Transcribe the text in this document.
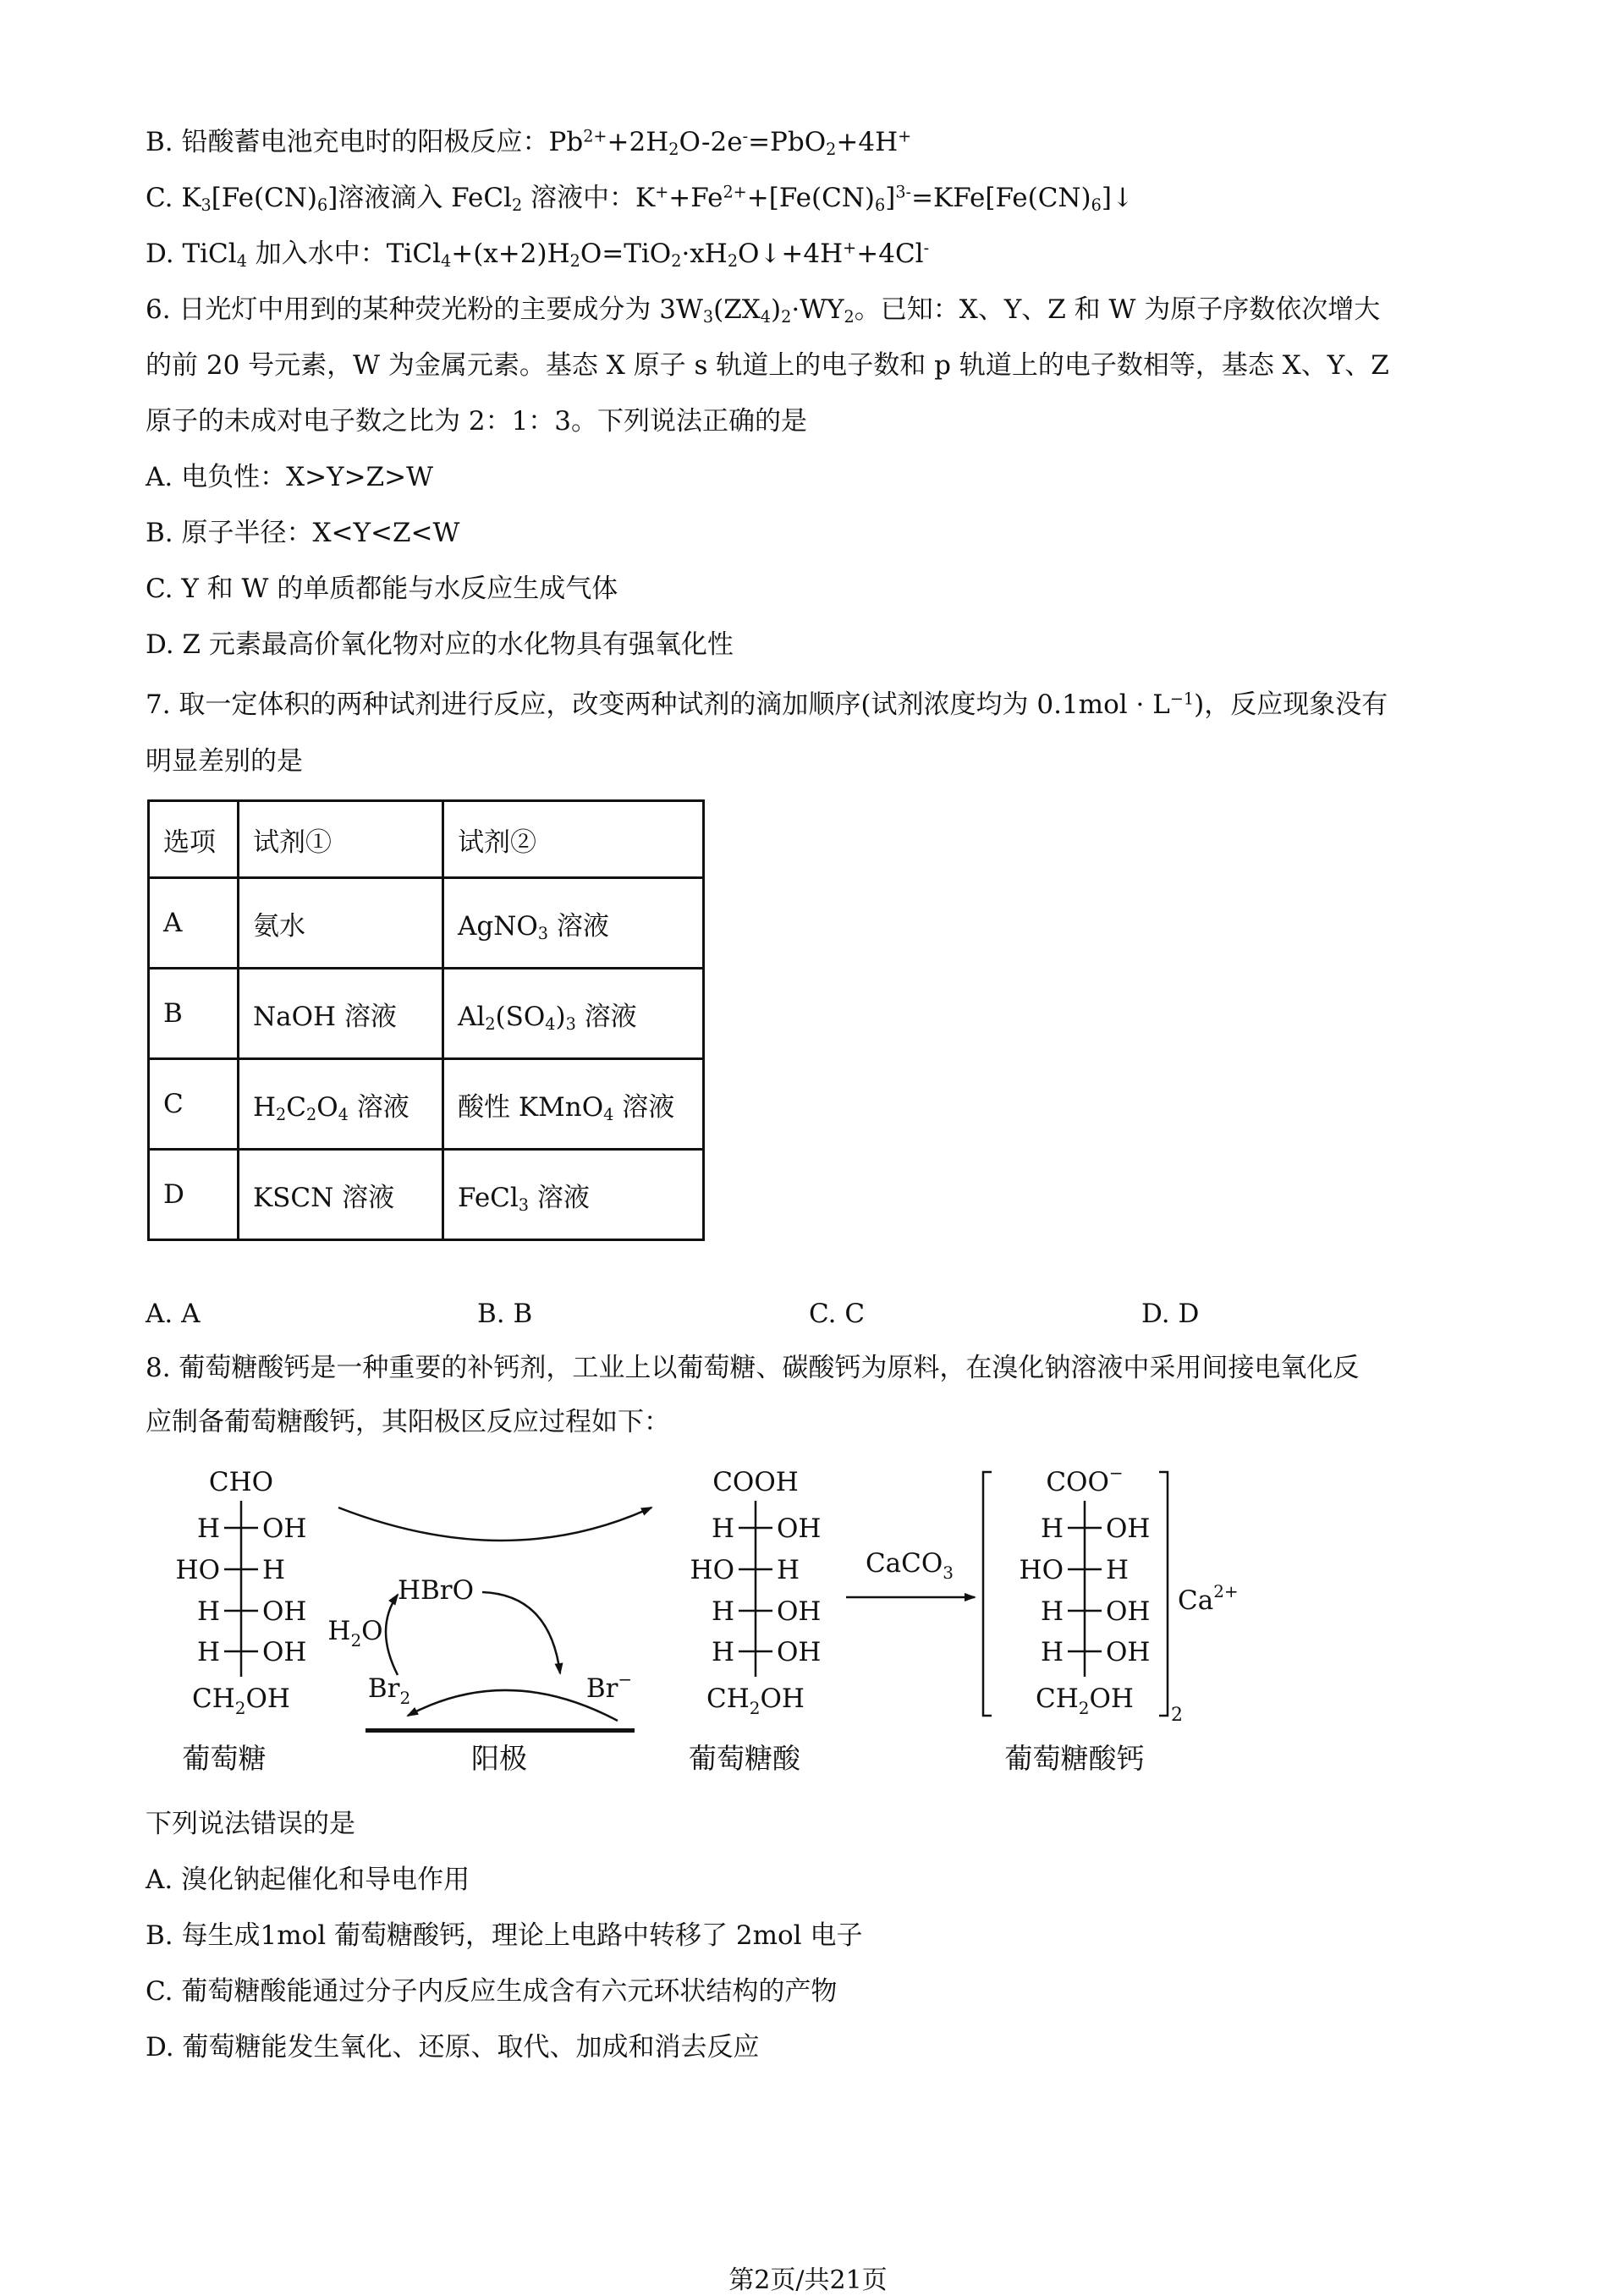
B. 铅酸蓄电池充电时的阳极反应：$Pb^{2+}+2H_2O-2e^-=PbO_2+4H^+$
C. $K_3[Fe(CN)_6]$溶液滴入 FeCl$_2$ 溶液中：$K^++Fe^{2+}+[Fe(CN)_6]^{3-}=KFe[Fe(CN)_6]↓$
D. TiCl$_4$ 加入水中：$TiCl_4+(x+2)H_2O=TiO_2\cdot xH_2O↓+4H^++4Cl^-$
6. 日光灯中用到的某种荧光粉的主要成分为 $3W_3(ZX_4)_2\cdot WY_2$。已知：X、Y、Z 和 W 为原子序数依次增大
的前 20 号元素，W 为金属元素。基态 X 原子 s 轨道上的电子数和 p 轨道上的电子数相等，基态 X、Y、Z
原子的未成对电子数之比为 2：1：3。下列说法正确的是
A. 电负性：X>Y>Z>W
B. 原子半径：X<Y<Z<W
C. Y 和 W 的单质都能与水反应生成气体
D. Z 元素最高价氧化物对应的水化物具有强氧化性
7. 取一定体积的两种试剂进行反应，改变两种试剂的滴加顺序(试剂浓度均为 $0.1mol \cdot L^{-1}$)，反应现象没有
明显差别的是
选项	试剂①	试剂②
A	氨水	AgNO$_3$ 溶液
B	NaOH 溶液	$Al_2(SO_4)_3$ 溶液
C	$H_2C_2O_4$ 溶液	酸性 KMnO$_4$ 溶液
D	KSCN 溶液	FeCl$_3$ 溶液
A. A	B. B	C. C	D. D
8. 葡萄糖酸钙是一种重要的补钙剂，工业上以葡萄糖、碳酸钙为原料，在溴化钠溶液中采用间接电氧化反
应制备葡萄糖酸钙，其阳极区反应过程如下：
CHO
H OH
HO H
H OH
H OH
$CH_2OH$
葡萄糖
HBrO
$H_2O$
$Br_2$	Br−
阳极
COOH
H OH
HO H
H OH
H OH
$CH_2OH$
葡萄糖酸
CaCO$_3$
COO−
H OH
HO H
H OH
H OH
$CH_2OH$
2
$Ca^{2+}$
葡萄糖酸钙
下列说法错误的是
A. 溴化钠起催化和导电作用
B. 每生成1mol 葡萄糖酸钙，理论上电路中转移了 2mol 电子
C. 葡萄糖酸能通过分子内反应生成含有六元环状结构的产物
D. 葡萄糖能发生氧化、还原、取代、加成和消去反应
第2页/共21页
